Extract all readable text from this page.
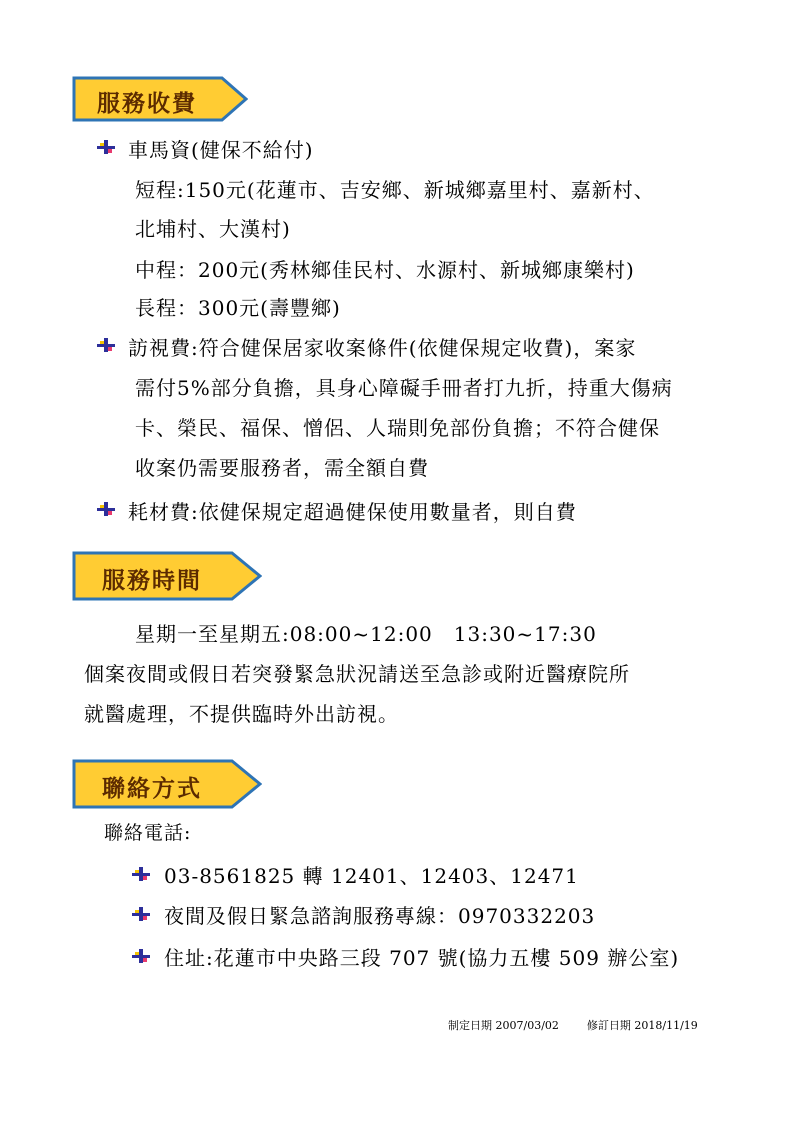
服務收費
車馬資(健保不給付)
短程:150元(花蓮市、吉安鄉、新城鄉嘉里村、嘉新村、
北埔村、大漢村)
中程：200元(秀林鄉佳民村、水源村、新城鄉康樂村)
長程：300元(壽豐鄉)
訪視費:符合健保居家收案條件(依健保規定收費)，案家
需付5%部分負擔，具身心障礙手冊者打九折，持重大傷病
卡、榮民、福保、憎侶、人瑞則免部份負擔；不符合健保
收案仍需要服務者，需全額自費
耗材費:依健保規定超過健保使用數量者，則自費
服務時間
星期一至星期五:08:00~12:00　13:30~17:30
個案夜間或假日若突發緊急狀況請送至急診或附近醫療院所
就醫處理，不提供臨時外出訪視。
聯絡方式
聯絡電話:
03-8561825 轉 12401、12403、12471
夜間及假日緊急諮詢服務專線：0970332203
住址:花蓮市中央路三段 707 號(協力五樓 509 辦公室)
制定日期 2007/03/02	修訂日期 2018/11/19
